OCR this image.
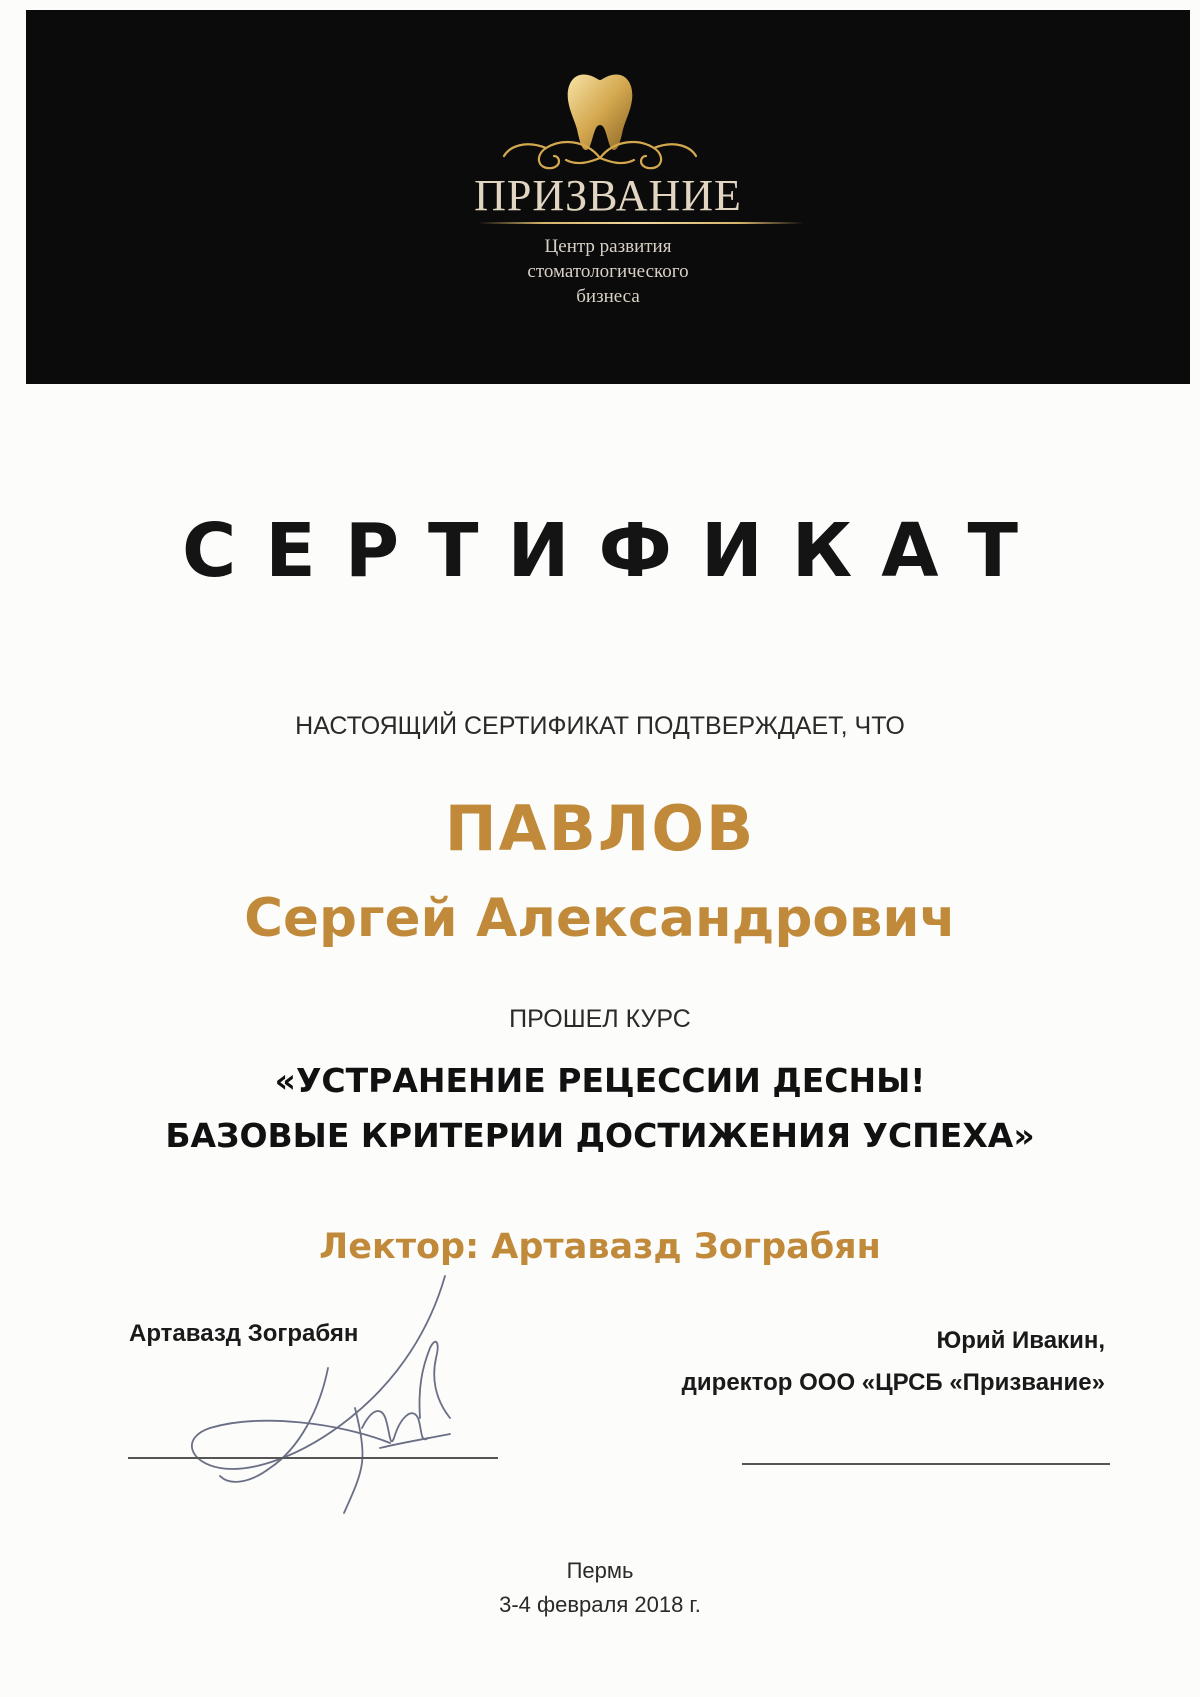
ПРИЗВАНИЕ
Центр развития
стоматологического
бизнеса
СЕРТИФИКАТ
НАСТОЯЩИЙ СЕРТИФИКАТ ПОДТВЕРЖДАЕТ, ЧТО
ПАВЛОВ
Сергей Александрович
ПРОШЕЛ КУРС
«УСТРАНЕНИЕ РЕЦЕССИИ ДЕСНЫ!
БАЗОВЫЕ КРИТЕРИИ ДОСТИЖЕНИЯ УСПЕХА»
Лектор: Артавазд Зограбян
Артавазд Зограбян	Юрий Ивакин,
директор ООО «ЦРСБ «Призвание»
Пермь
3-4 февраля 2018 г.
